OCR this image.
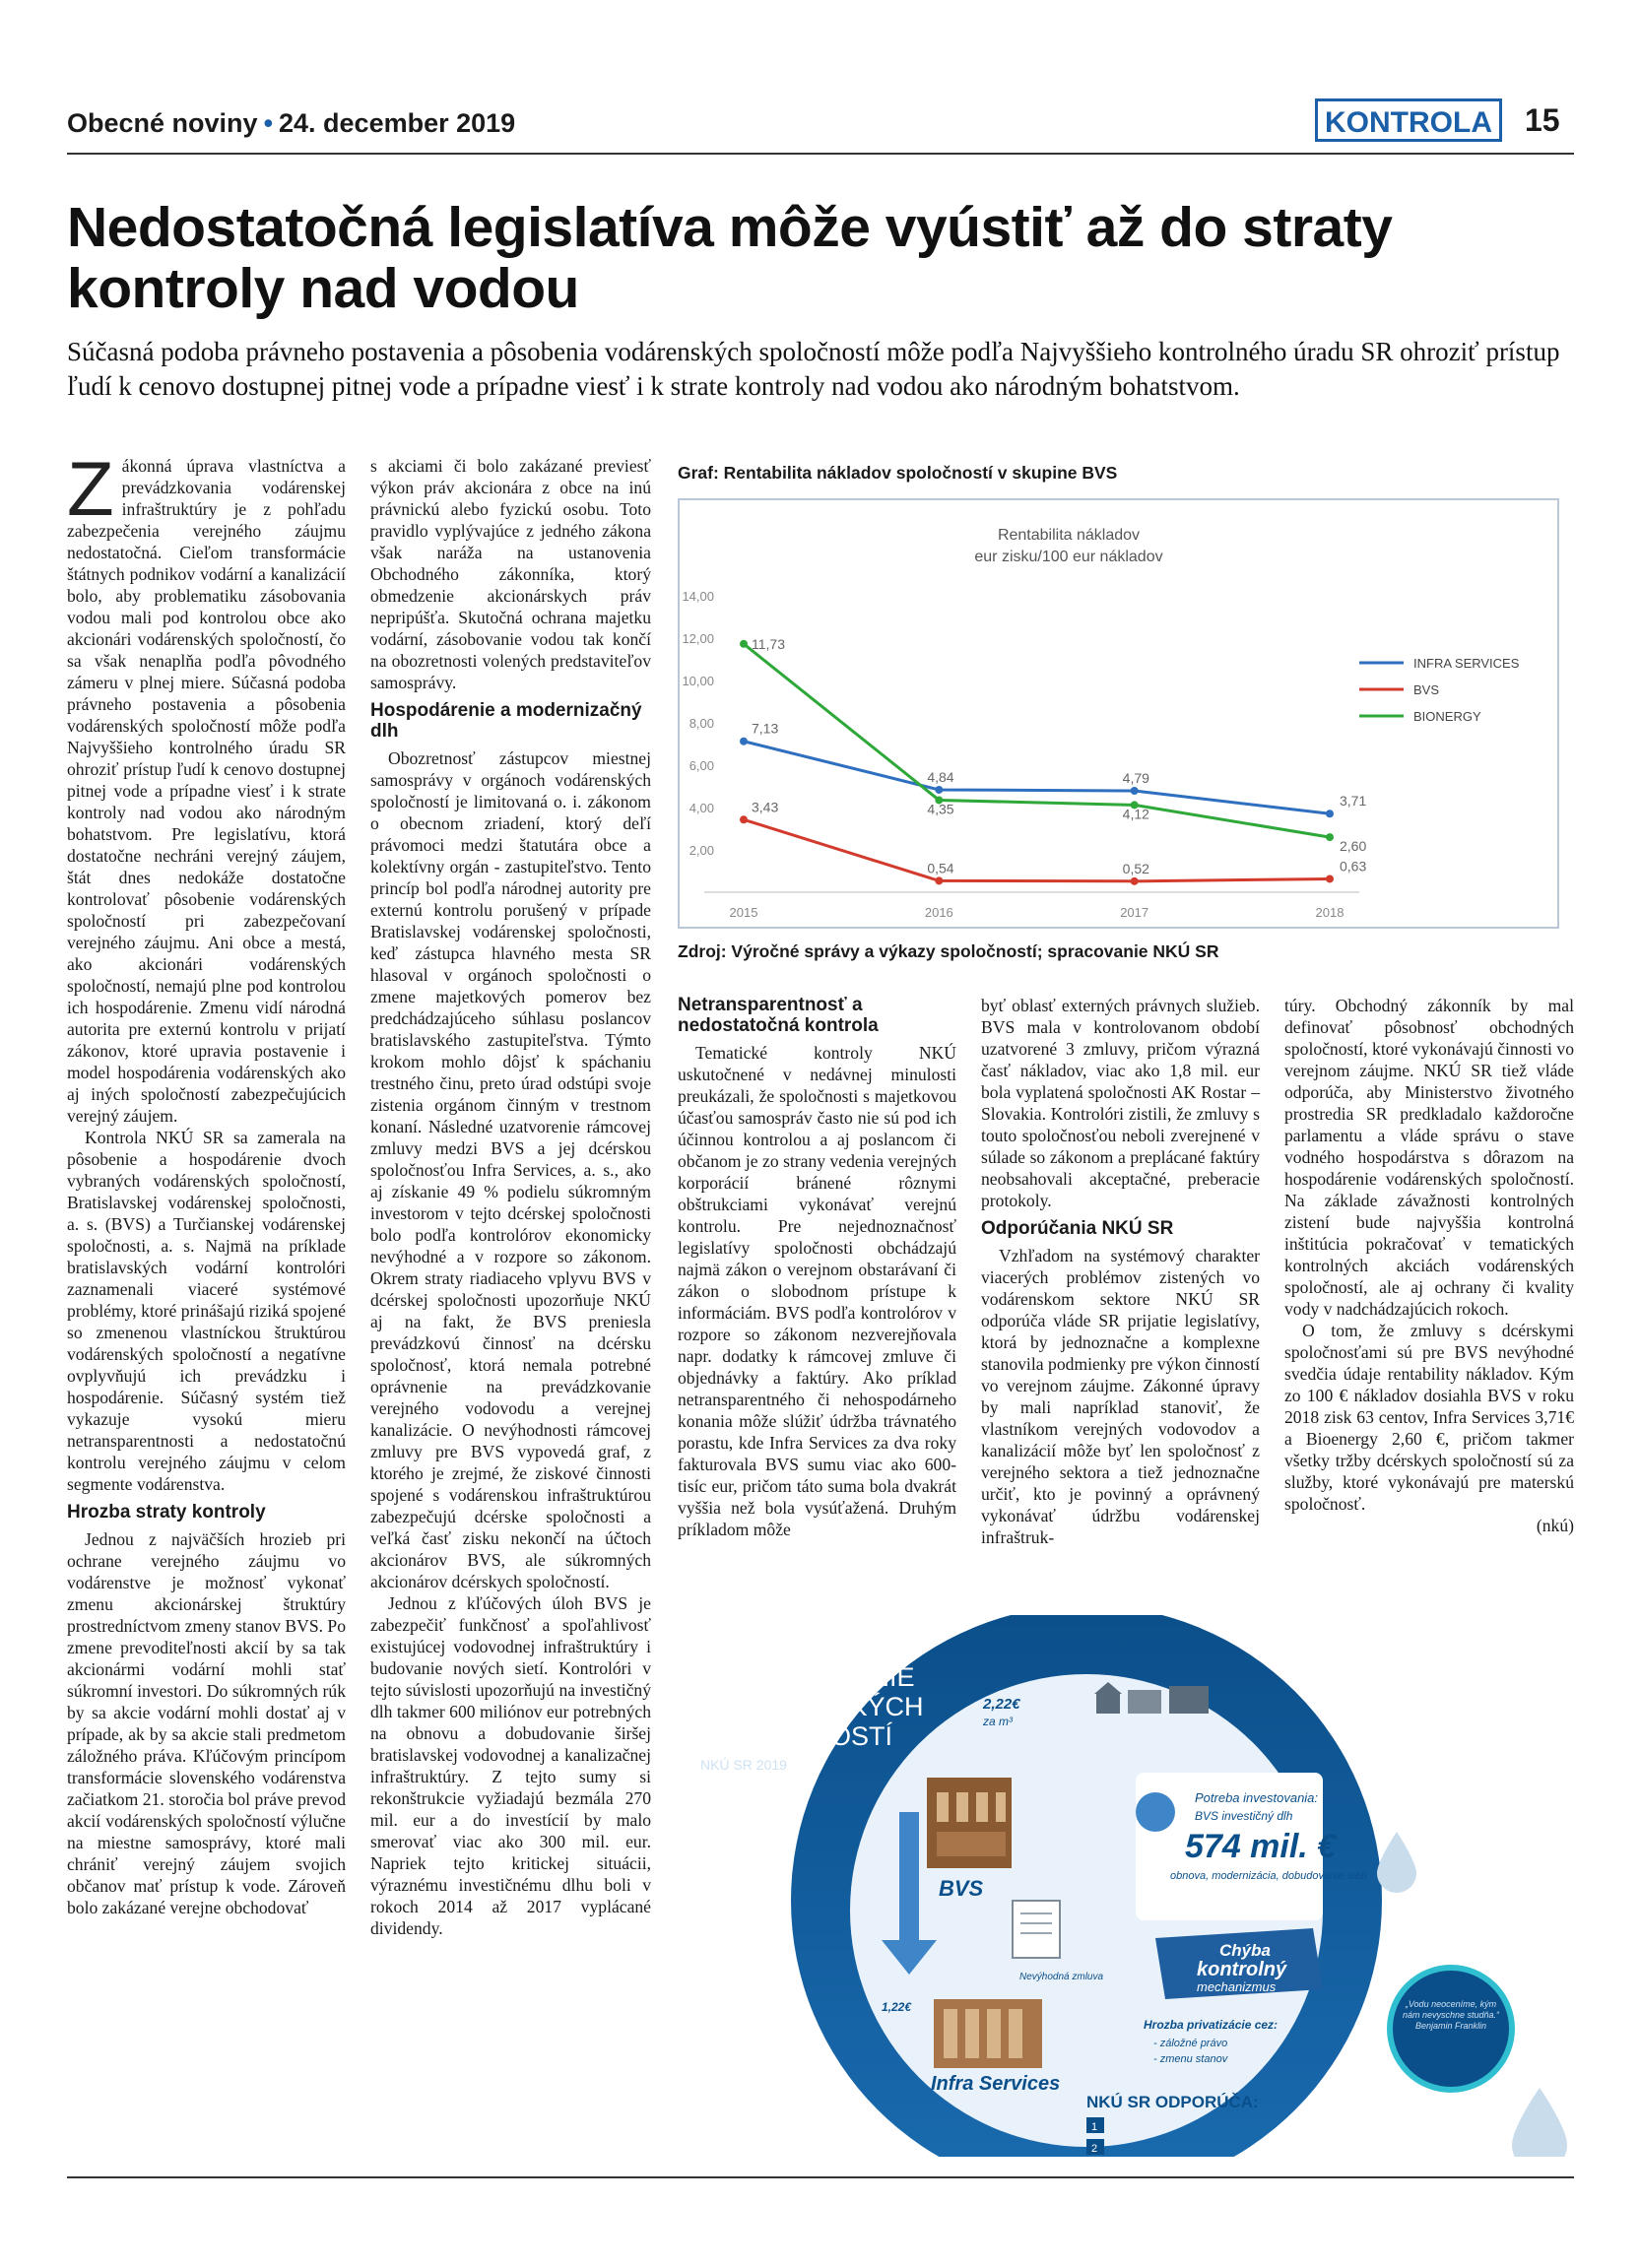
Obecné noviny • 24. december 2019	KONTROLA	15
Nedostatočná legislatíva môže vyústiť až do straty kontroly nad vodou

Súčasná podoba právneho postavenia a pôsobenia vodárenských spoločností môže podľa Najvyššieho kontrolného úradu SR ohroziť prístup ľudí k cenovo dostupnej pitnej vode a prípadne viesť i k strate kontroly nad vodou ako národným bohatstvom.

Zákonná úprava vlastníctva a prevádzkovania vodárenskej infraštruktúry je z pohľadu zabezpečenia verejného záujmu nedostatočná. Cieľom transformácie štátnych podnikov vodární a kanalizácií bolo, aby problematiku zásobovania vodou mali pod kontrolou obce ako akcionári vodárenských spoločností, čo sa však nenaplňa podľa pôvodného zámeru v plnej miere. Súčasná podoba právneho postavenia a pôsobenia vodárenských spoločností môže podľa Najvyššieho kontrolného úradu SR ohroziť prístup ľudí k cenovo dostupnej pitnej vode a prípadne viesť i k strate kontroly nad vodou ako národným bohatstvom. Pre legislatívu, ktorá dostatočne nechráni verejný záujem, štát dnes nedokáže dostatočne kontrolovať pôsobenie vodárenských spoločností pri zabezpečovaní verejného záujmu. Ani obce a mestá, ako akcionári vodárenských spoločností, nemajú plne pod kontrolou ich hospodárenie. Zmenu vidí národná autorita pre externú kontrolu v prijatí zákonov, ktoré upravia postavenie i model hospodárenia vodárenských ako aj iných spoločností zabezpečujúcich verejný záujem.

Kontrola NKÚ SR sa zamerala na pôsobenie a hospodárenie dvoch vybraných vodárenských spoločností, Bratislavskej vodárenskej spoločnosti, a. s. (BVS) a Turčianskej vodárenskej spoločnosti, a. s. Najmä na príklade bratislavských vodární kontrolóri zaznamenali viaceré systémové problémy, ktoré prinášajú riziká spojené so zmenenou vlastníckou štruktúrou vodárenských spoločností a negatívne ovplyvňujú ich prevádzku i hospodárenie. Súčasný systém tiež vykazuje vysokú mieru netransparentnosti a nedostatočnú kontrolu verejného záujmu v celom segmente vodárenstva.

Hrozba straty kontroly

Jednou z najväčších hrozieb pri ochrane verejného záujmu vo vodárenstve je možnosť vykonať zmenu akcionárskej štruktúry prostredníctvom zmeny stanov BVS. Po zmene prevoditeľnosti akcií by sa tak akcionármi vodární mohli stať súkromní investori. Do súkromných rúk by sa akcie vodární mohli dostať aj v prípade, ak by sa akcie stali predmetom záložného práva. Kľúčovým princípom transformácie slovenského vodárenstva začiatkom 21. storočia bol práve prevod akcií vodárenských spoločností výlučne na miestne samosprávy, ktoré mali chrániť verejný záujem svojich občanov mať prístup k vode. Zároveň bolo zakázané verejne obchodovať

s akciami či bolo zakázané previesť výkon práv akcionára z obce na inú právnickú alebo fyzickú osobu. Toto pravidlo vyplývajúce z jedného zákona však naráža na ustanovenia Obchodného zákonníka, ktorý obmedzenie akcionárskych práv nepripúšťa. Skutočná ochrana majetku vodární, zásobovanie vodou tak končí na obozretnosti volených predstaviteľov samosprávy.

Hospodárenie a modernizačný dlh

Obozretnosť zástupcov miestnej samosprávy v orgánoch vodárenských spoločností je limitovaná o. i. zákonom o obecnom zriadení, ktorý deľí právomoci medzi štatutára obce a kolektívny orgán - zastupiteľstvo. Tento princíp bol podľa národnej autority pre externú kontrolu porušený v prípade Bratislavskej vodárenskej spoločnosti, keď zástupca hlavného mesta SR hlasoval v orgánoch spoločnosti o zmene majetkových pomerov bez predchádzajúceho súhlasu poslancov bratislavského zastupiteľstva. Týmto krokom mohlo dôjsť k spáchaniu trestného činu, preto úrad odstúpi svoje zistenia orgánom činným v trestnom konaní. Následné uzatvorenie rámcovej zmluvy medzi BVS a jej dcérskou spoločnosťou Infra Services, a. s., ako aj získanie 49 % podielu súkromným investorom v tejto dcérskej spoločnosti bolo podľa kontrolórov ekonomicky nevýhodné a v rozpore so zákonom. Okrem straty riadiaceho vplyvu BVS v dcérskej spoločnosti upozorňuje NKÚ aj na fakt, že BVS preniesla prevádzkovú činnosť na dcérsku spoločnosť, ktorá nemala potrebné oprávnenie na prevádzkovanie verejného vodovodu a verejnej kanalizácie. O nevýhodnosti rámcovej zmluvy pre BVS vypovedá graf, z ktorého je zrejmé, že ziskové činnosti spojené s vodárenskou infraštruktúrou zabezpečujú dcérske spoločnosti a veľká časť zisku nekončí na účtoch akcionárov BVS, ale súkromných akcionárov dcérskych spoločností.

Jednou z kľúčových úloh BVS je zabezpečiť funkčnosť a spoľahlivosť existujúcej vodovodnej infraštruktúry i budovanie nových sietí. Kontrolóri v tejto súvislosti upozorňujú na investičný dlh takmer 600 miliónov eur potrebných na obnovu a dobudovanie širšej bratislavskej vodovodnej a kanalizačnej infraštruktúry. Z tejto sumy si rekonštrukcie vyžiadajú bezmála 270 mil. eur a do investícií by malo smerovať viac ako 300 mil. eur. Napriek tejto kritickej situácii, výraznému investičnému dlhu boli v rokoch 2014 až 2017 vyplácané dividendy.

Graf: Rentabilita nákladov spoločností v skupine BVS
Rentabilita nákladov
eur zisku/100 eur nákladov
2,00
4,00
6,00
8,00
10,00
12,00
14,00
2015	2016	2017	2018
7,13
4,84	4,79
3,71
INFRA SERVICES
3,43
0,54	0,52	0,63
BVS
11,73
4,35	4,12
2,60
BIONERGY
Zdroj: Výročné správy a výkazy spoločností; spracovanie NKÚ SR
Netransparentnosť a nedostatočná kontrola

Tematické kontroly NKÚ uskutočnené v nedávnej minulosti preukázali, že spoločnosti s majetkovou účasťou samospráv často nie sú pod ich účinnou kontrolou a aj poslancom či občanom je zo strany vedenia verejných korporácií bránené rôznymi obštrukciami vykonávať verejnú kontrolu. Pre nejednoznačnosť legislatívy spoločnosti obchádzajú najmä zákon o verejnom obstarávaní či zákon o slobodnom prístupe k informáciám. BVS podľa kontrolórov v rozpore so zákonom nezverejňovala napr. dodatky k rámcovej zmluve či objednávky a faktúry. Ako príklad netransparentného či nehospodárneho konania môže slúžiť údržba trávnatého porastu, kde Infra Services za dva roky fakturovala BVS sumu viac ako 600-tisíc eur, pričom táto suma bola dvakrát vyššia než bola vysúťažená. Druhým príkladom môže

byť oblasť externých právnych služieb. BVS mala v kontrolovanom období uzatvorené 3 zmluvy, pričom výrazná časť nákladov, viac ako 1,8 mil. eur bola vyplatená spoločnosti AK Rostar – Slovakia. Kontrolóri zistili, že zmluvy s touto spoločnosťou neboli zverejnené v súlade so zákonom a preplácané faktúry neobsahovali akceptačné, preberacie protokoly.

Odporúčania NKÚ SR

Vzhľadom na systémový charakter viacerých problémov zistených vo vodárenskom sektore NKÚ SR odporúča vláde SR prijatie legislatívy, ktorá by jednoznačne a komplexne stanovila podmienky pre výkon činností vo verejnom záujme. Zákonné úpravy by mali napríklad stanoviť, že vlastníkom verejných vodovodov a kanalizácií môže byť len spoločnosť z verejného sektora a tiež jednoznačne určiť, kto je povinný a oprávnený vykonávať údržbu vodárenskej infraštruk-

túry. Obchodný zákonník by mal definovať pôsobnosť obchodných spoločností, ktoré vykonávajú činnosti vo verejnom záujme. NKÚ SR tiež vláde odporúča, aby Ministerstvo životného prostredia SR predkladalo každoročne parlamentu a vláde správu o stave vodného hospodárstva s dôrazom na hospodárenie vodárenských spoločností. Na základe závažnosti kontrolných zistení bude najvyššia kontrolná inštitúcia pokračovať v tematických kontrolných akciách vodárenských spoločností, ale aj ochrany či kvality vody v nadchádzajúcich rokoch.

O tom, že zmluvy s dcérskymi spoločnosťami sú pre BVS nevýhodné svedčia údaje rentability nákladov. Kým zo 100 € nákladov dosiahla BVS v roku 2018 zisk 63 centov, Infra Services 3,71€ a Bioenergy 2,60 €, pričom takmer všetky tržby dcérskych spoločností sú za služby, ktoré vykonávajú pre materskú spoločnosť.

(nkú)

HOSPODÁRENIE
VODÁRENSKÝCH
SPOLOČNOSTÍ
NKÚ SR 2019
2,22€
za m³
BVS
Nevýhodná zmluva
Infra Services
1,22€
Potreba investovania:
BVS investičný dlh
574 mil. €
obnova, modernizácia, dobudovanie sietí
Chýba
kontrolný
mechanizmus
Hrozba privatizácie cez:
- záložné právo
- zmenu stanov
NKÚ SR ODPORÚČA:
1
2
„Vodu neoceníme, kým nám nevyschne studňa.“ Benjamin Franklin
